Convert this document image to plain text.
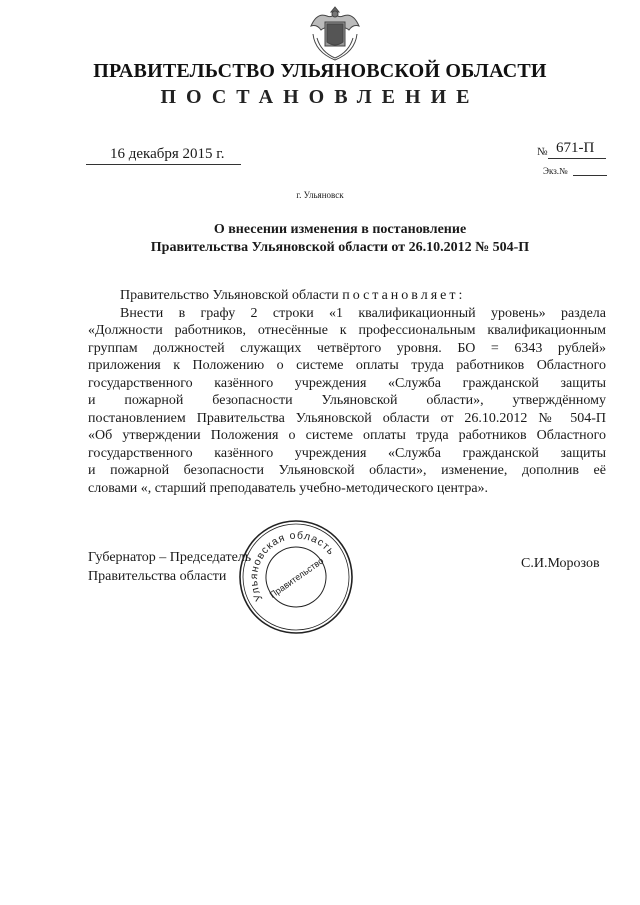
ПРАВИТЕЛЬСТВО УЛЬЯНОВСКОЙ ОБЛАСТИ
ПОСТАНОВЛЕНИЕ
16 декабря 2015 г.	№ 671-П
Экз.№
г. Ульяновск
О внесении изменения в постановление
Правительства Ульяновской области от 26.10.2012 № 504-П
Правительство Ульяновской области постановляет:
Внести в графу 2 строки «1 квалификационный уровень» раздела
«Должности работников, отнесённые к профессиональным квалификационным
группам должностей служащих четвёртого уровня. БО = 6343 рублей»
приложения к Положению о системе оплаты труда работников Областного
государственного казённого учреждения «Служба гражданской защиты
и пожарной безопасности Ульяновской области», утверждённому
постановлением Правительства Ульяновской области от 26.10.2012 № 504-П
«Об утверждении Положения о системе оплаты труда работников Областного
государственного казённого учреждения «Служба гражданской защиты
и пожарной безопасности Ульяновской области», изменение, дополнив её
словами «, старший преподаватель учебно-методического центра».
Губернатор – Председатель
Правительства области
С.И.Морозов
Ульяновская область
Правительство
